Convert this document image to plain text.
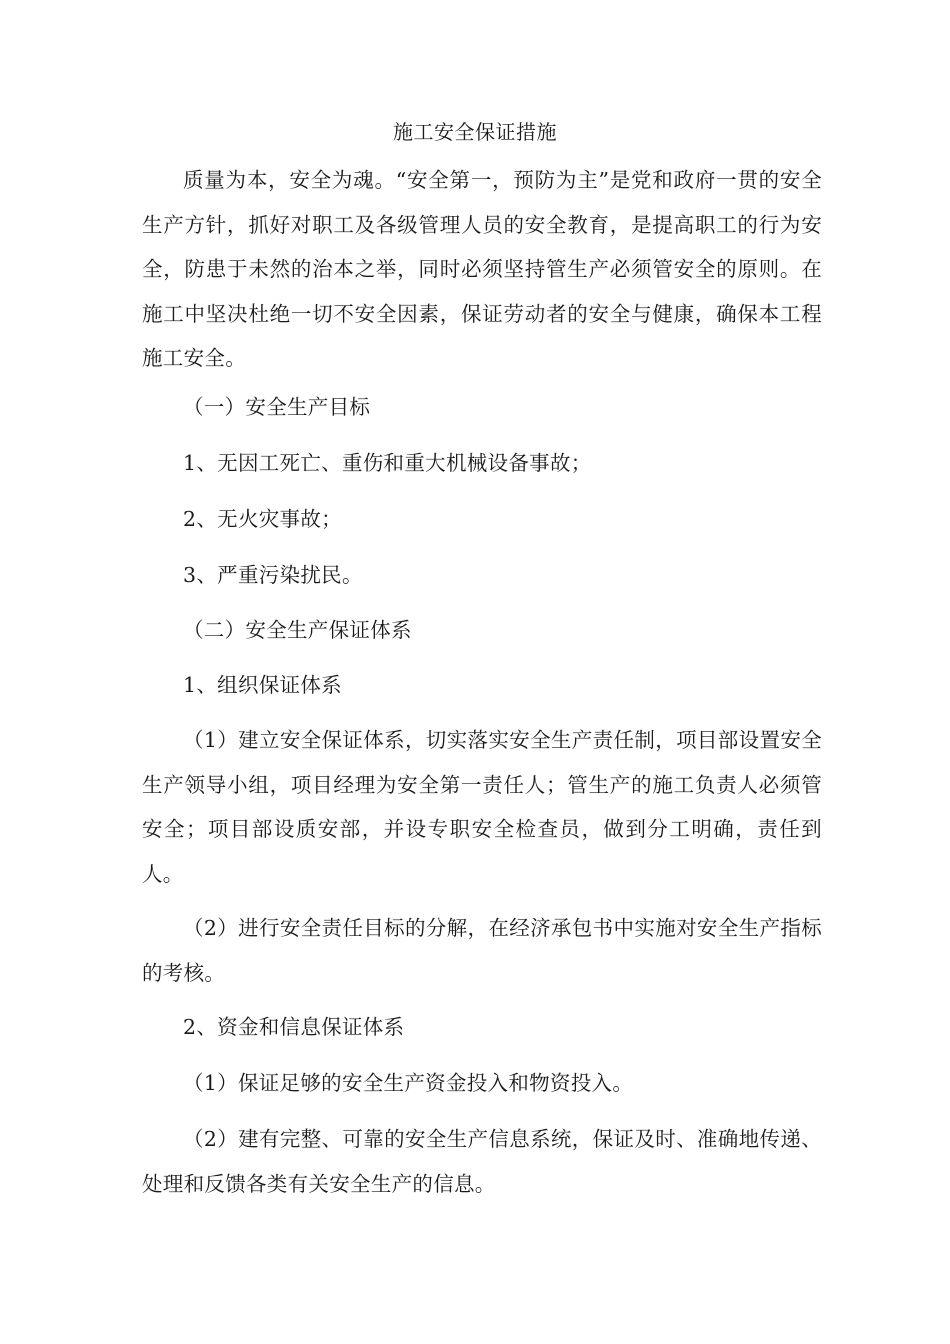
施工安全保证措施

质量为本，安全为魂。“安全第一，预防为主”是党和政府一贯的安全生产方针，抓好对职工及各级管理人员的安全教育，是提高职工的行为安全，防患于未然的治本之举，同时必须坚持管生产必须管安全的原则。在施工中坚决杜绝一切不安全因素，保证劳动者的安全与健康，确保本工程施工安全。

（一）安全生产目标

1、无因工死亡、重伤和重大机械设备事故；

2、无火灾事故；

3、严重污染扰民。

（二）安全生产保证体系

1、组织保证体系

（1）建立安全保证体系，切实落实安全生产责任制，项目部设置安全生产领导小组，项目经理为安全第一责任人；管生产的施工负责人必须管安全；项目部设质安部，并设专职安全检查员，做到分工明确，责任到人。

（2）进行安全责任目标的分解，在经济承包书中实施对安全生产指标的考核。

2、资金和信息保证体系

（1）保证足够的安全生产资金投入和物资投入。

（2）建有完整、可靠的安全生产信息系统，保证及时、准确地传递、处理和反馈各类有关安全生产的信息。
